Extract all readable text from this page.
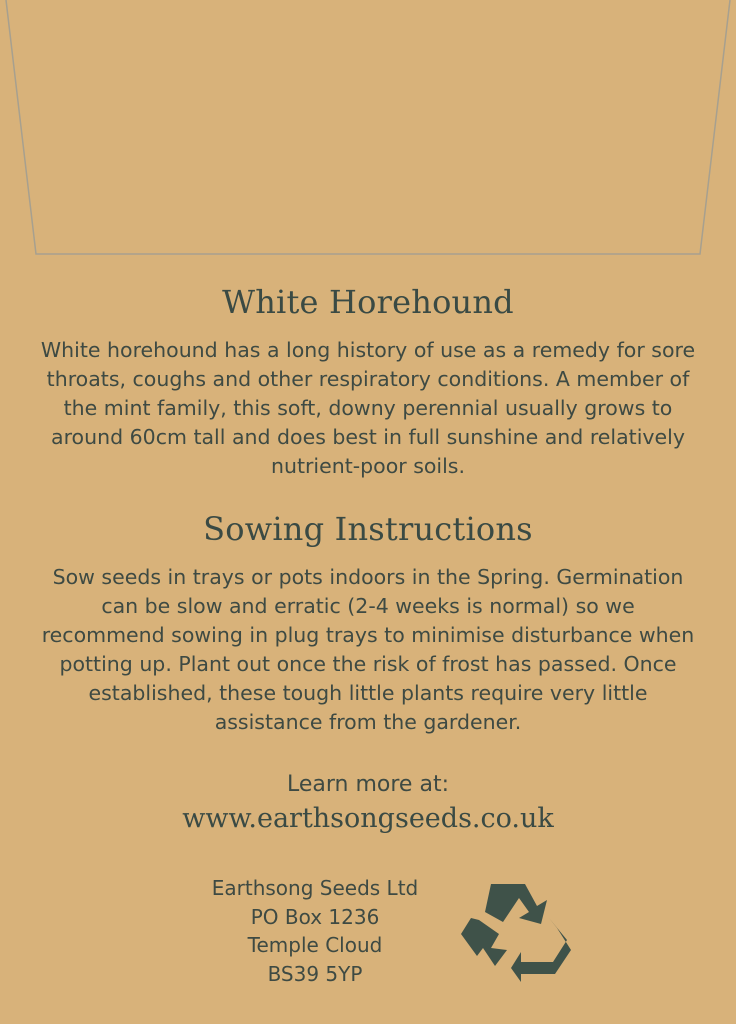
White Horehound

White horehound has a long history of use as a remedy for sore throats, coughs and other respiratory conditions. A member of the mint family, this soft, downy perennial usually grows to around 60cm tall and does best in full sunshine and relatively nutrient-poor soils.

Sowing Instructions

Sow seeds in trays or pots indoors in the Spring. Germination can be slow and erratic (2-4 weeks is normal) so we recommend sowing in plug trays to minimise disturbance when potting up. Plant out once the risk of frost has passed. Once established, these tough little plants require very little assistance from the gardener.

Learn more at:

www.earthsongseeds.co.uk

Earthsong Seeds Ltd
PO Box 1236
Temple Cloud
BS39 5YP
